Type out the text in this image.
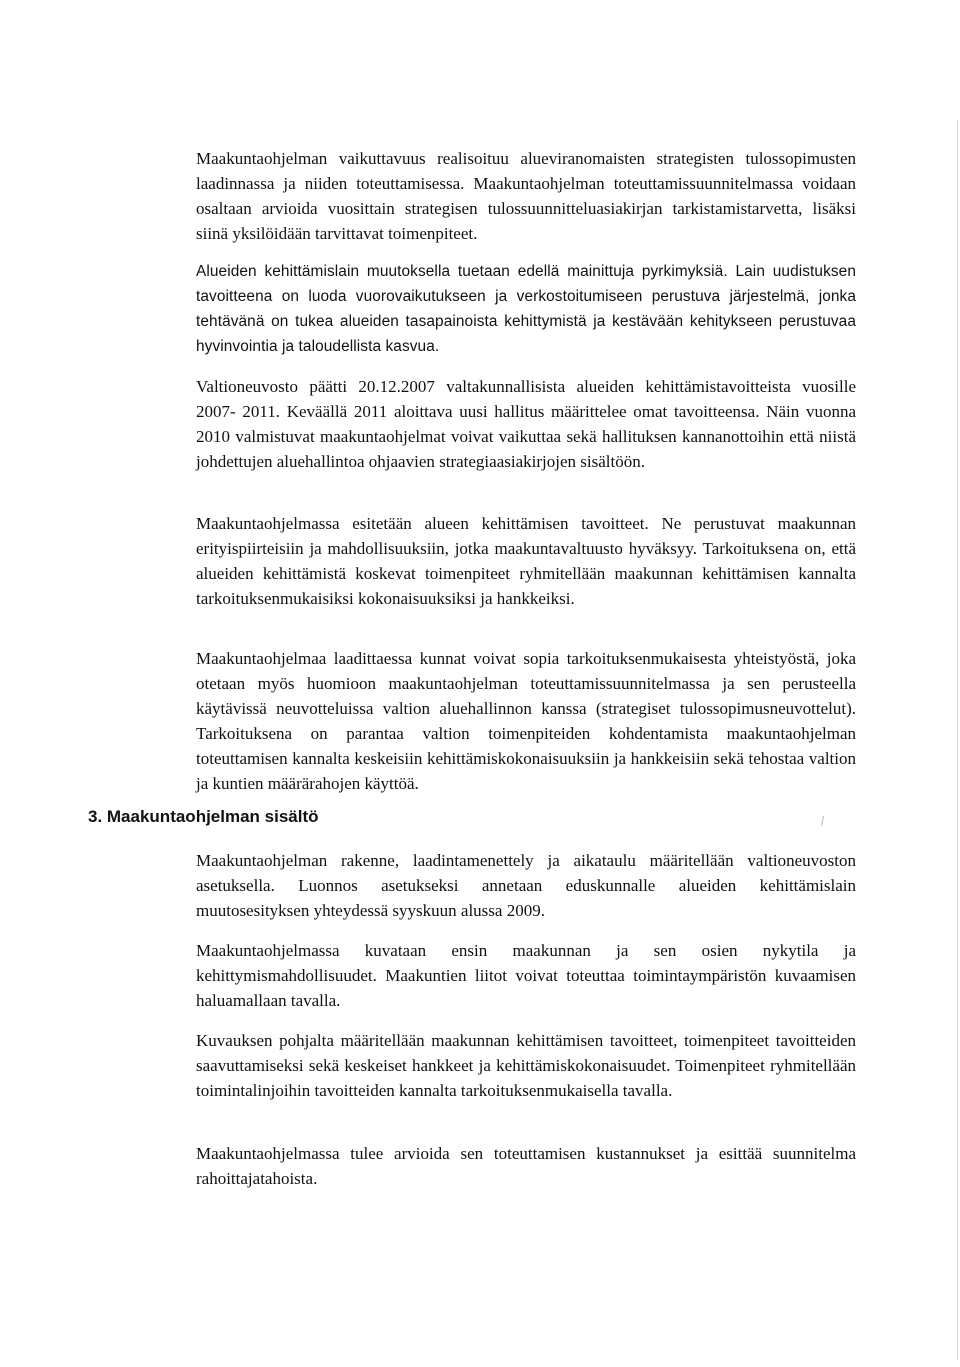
Maakuntaohjelman vaikuttavuus realisoituu alueviranomaisten strategisten tulossopimusten laadinnassa ja niiden toteuttamisessa. Maakuntaohjelman toteuttamissuunnitelmassa voidaan osaltaan arvioida vuosittain strategisen tulossuunnitteluasiakirjan tarkistamistarvetta, lisäksi siinä yksilöidään tarvittavat toimenpiteet.

Alueiden kehittämislain muutoksella tuetaan edellä mainittuja pyrkimyksiä. Lain uudistuksen tavoitteena on luoda vuorovaikutukseen ja verkostoitumiseen perustuva järjestelmä, jonka tehtävänä on tukea alueiden tasapainoista kehittymistä ja kestävään kehitykseen perustuvaa hyvinvointia ja taloudellista kasvua.

Valtioneuvosto päätti 20.12.2007 valtakunnallisista alueiden kehittämistavoitteista vuosille 2007- 2011. Keväällä 2011 aloittava uusi hallitus määrittelee omat tavoitteensa. Näin vuonna 2010 valmistuvat maakuntaohjelmat voivat vaikuttaa sekä hallituksen kannanottoihin että niistä johdettujen aluehallintoa ohjaavien strategiaasiakirjojen sisältöön.

Maakuntaohjelmassa esitetään alueen kehittämisen tavoitteet. Ne perustuvat maakunnan erityispiirteisiin ja mahdollisuuksiin, jotka maakuntavaltuusto hyväksyy. Tarkoituksena on, että alueiden kehittämistä koskevat toimenpiteet ryhmitellään maakunnan kehittämisen kannalta tarkoituksenmukaisiksi kokonaisuuksiksi ja hankkeiksi.

Maakuntaohjelmaa laadittaessa kunnat voivat sopia tarkoituksenmukaisesta yhteistyöstä, joka otetaan myös huomioon maakuntaohjelman toteuttamissuunnitelmassa ja sen perusteella käytävissä neuvotteluissa valtion aluehallinnon kanssa (strategiset tulossopimusneuvottelut). Tarkoituksena on parantaa valtion toimenpiteiden kohdentamista maakuntaohjelman toteuttamisen kannalta keskeisiin kehittämiskokonaisuuksiin ja hankkeisiin sekä tehostaa valtion ja kuntien määrärahojen käyttöä.

3. Maakuntaohjelman sisältö

Maakuntaohjelman rakenne, laadintamenettely ja aikataulu määritellään valtioneuvoston asetuksella. Luonnos asetukseksi annetaan eduskunnalle alueiden kehittämislain muutosesityksen yhteydessä syyskuun alussa 2009.

Maakuntaohjelmassa kuvataan ensin maakunnan ja sen osien nykytila ja kehittymismahdollisuudet. Maakuntien liitot voivat toteuttaa toimintaympäristön kuvaamisen haluamallaan tavalla.

Kuvauksen pohjalta määritellään maakunnan kehittämisen tavoitteet, toimenpiteet tavoitteiden saavuttamiseksi sekä keskeiset hankkeet ja kehittämiskokonaisuudet. Toimenpiteet ryhmitellään toimintalinjoihin tavoitteiden kannalta tarkoituksenmukaisella tavalla.

Maakuntaohjelmassa tulee arvioida sen toteuttamisen kustannukset ja esittää suunnitelma rahoittajatahoista.
